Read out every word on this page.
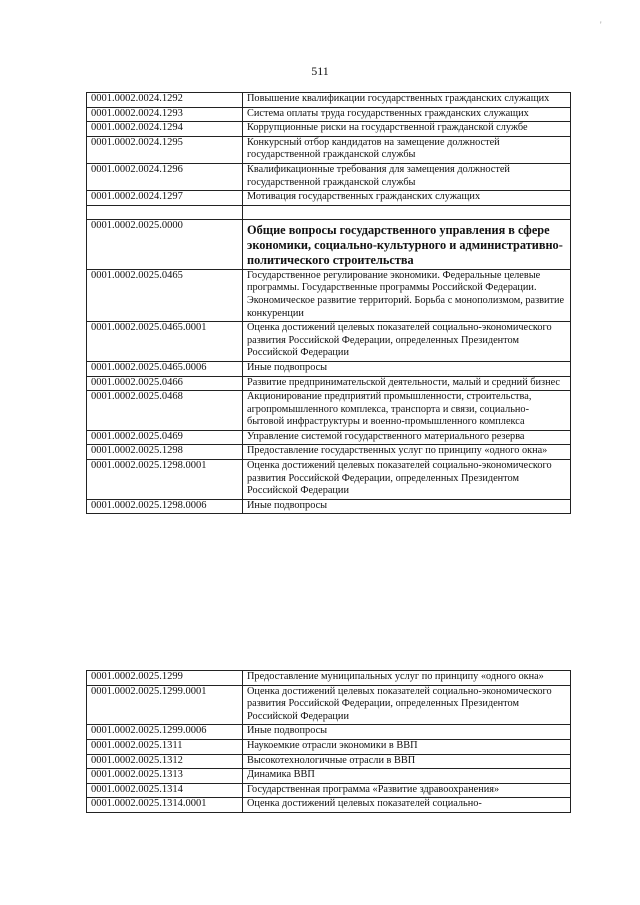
511
'
0001.0002.0024.1292	Повышение квалификации государственных гражданских служащих
0001.0002.0024.1293	Система оплаты труда государственных гражданских служащих
0001.0002.0024.1294	Коррупционные риски на государственной гражданской службе
0001.0002.0024.1295	Конкурсный отбор кандидатов на замещение должностей государственной гражданской службы
0001.0002.0024.1296	Квалификационные требования для замещения должностей государственной гражданской службы
0001.0002.0024.1297	Мотивация государственных гражданских служащих

0001.0002.0025.0000	Общие вопросы государственного управления в сфере экономики, социально-культурного и административно-политического строительства
0001.0002.0025.0465	Государственное регулирование экономики. Федеральные целевые программы. Государственные программы Российской Федерации. Экономическое развитие территорий. Борьба с монополизмом, развитие конкуренции
0001.0002.0025.0465.0001	Оценка достижений целевых показателей социально-экономического развития Российской Федерации, определенных Президентом Российской Федерации
0001.0002.0025.0465.0006	Иные подвопросы
0001.0002.0025.0466	Развитие предпринимательской деятельности, малый и средний бизнес
0001.0002.0025.0468	Акционирование предприятий промышленности, строительства, агропромышленного комплекса, транспорта и связи, социально-бытовой инфраструктуры и военно-промышленного комплекса
0001.0002.0025.0469	Управление системой государственного материального резерва
0001.0002.0025.1298	Предоставление государственных услуг по принципу «одного окна»
0001.0002.0025.1298.0001	Оценка достижений целевых показателей социально-экономического развития Российской Федерации, определенных Президентом Российской Федерации
0001.0002.0025.1298.0006	Иные подвопросы
0001.0002.0025.1299	Предоставление муниципальных услуг по принципу «одного окна»
0001.0002.0025.1299.0001	Оценка достижений целевых показателей социально-экономического развития Российской Федерации, определенных Президентом Российской Федерации
0001.0002.0025.1299.0006	Иные подвопросы
0001.0002.0025.1311	Наукоемкие отрасли экономики в ВВП
0001.0002.0025.1312	Высокотехнологичные отрасли в ВВП
0001.0002.0025.1313	Динамика ВВП
0001.0002.0025.1314	Государственная программа «Развитие здравоохранения»
0001.0002.0025.1314.0001	Оценка достижений целевых показателей социально-
